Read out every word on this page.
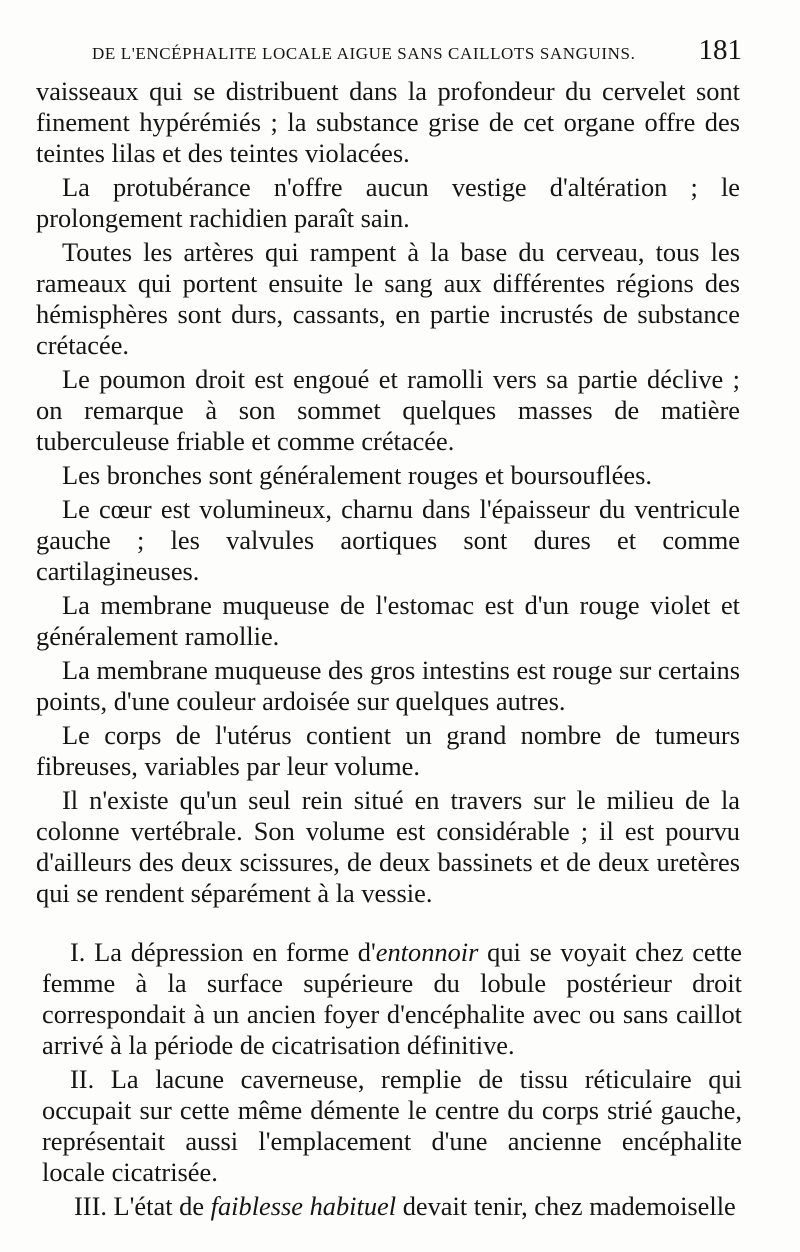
DE L'ENCÉPHALITE LOCALE AIGUE SANS CAILLOTS SANGUINS. 181

vaisseaux qui se distribuent dans la profondeur du cervelet sont finement hypérémiés ; la substance grise de cet organe offre des teintes lilas et des teintes violacées.

La protubérance n'offre aucun vestige d'altération ; le prolongement rachidien paraît sain.

Toutes les artères qui rampent à la base du cerveau, tous les rameaux qui portent ensuite le sang aux différentes régions des hémisphères sont durs, cassants, en partie incrustés de substance crétacée.

Le poumon droit est engoué et ramolli vers sa partie déclive ; on remarque à son sommet quelques masses de matière tuberculeuse friable et comme crétacée.

Les bronches sont généralement rouges et boursouflées.

Le cœur est volumineux, charnu dans l'épaisseur du ventricule gauche ; les valvules aortiques sont dures et comme cartilagineuses.

La membrane muqueuse de l'estomac est d'un rouge violet et généralement ramollie.

La membrane muqueuse des gros intestins est rouge sur certains points, d'une couleur ardoisée sur quelques autres.

Le corps de l'utérus contient un grand nombre de tumeurs fibreuses, variables par leur volume.

Il n'existe qu'un seul rein situé en travers sur le milieu de la colonne vertébrale. Son volume est considérable ; il est pourvu d'ailleurs des deux scissures, de deux bassinets et de deux uretères qui se rendent séparément à la vessie.

I. La dépression en forme d'entonnoir qui se voyait chez cette femme à la surface supérieure du lobule postérieur droit correspondait à un ancien foyer d'encéphalite avec ou sans caillot arrivé à la période de cicatrisation définitive.

II. La lacune caverneuse, remplie de tissu réticulaire qui occupait sur cette même démente le centre du corps strié gauche, représentait aussi l'emplacement d'une ancienne encéphalite locale cicatrisée.

III. L'état de faiblesse habituel devait tenir, chez mademoiselle
